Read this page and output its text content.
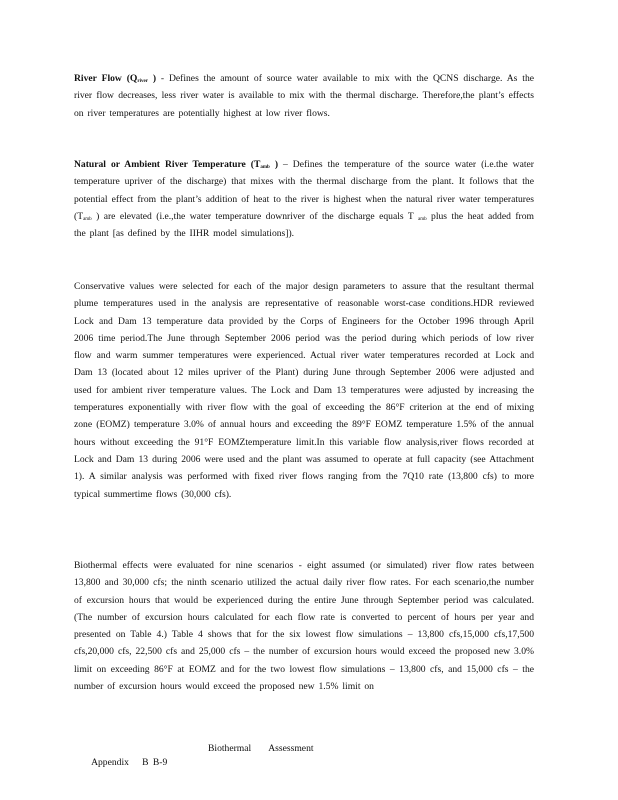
River Flow ($Q_{river}$ ) - Defines the amount of source water available to mix with the QCNS discharge. As the river flow decreases, less river water is available to mix with the thermal discharge. Therefore,the plant’s effects on river temperatures are potentially highest at low river flows.

Natural or Ambient River Temperature ($T_{amb}$ ) – Defines the temperature of the source water (i.e.the water temperature upriver of the discharge) that mixes with the thermal discharge from the plant. It follows that the potential effect from the plant’s addition of heat to the river is highest when the natural river water temperatures ($T_{amb}$ ) are elevated (i.e.,the water temperature downriver of the discharge equals T $_{amb}$ plus the heat added from the plant [as defined by the IIHR model simulations]).

Conservative values were selected for each of the major design parameters to assure that the resultant thermal plume temperatures used in the analysis are representative of reasonable worst-case conditions.HDR reviewed Lock and Dam 13 temperature data provided by the Corps of Engineers for the October 1996 through April 2006 time period.The June through September 2006 period was the period during which periods of low river flow and warm summer temperatures were experienced. Actual river water temperatures recorded at Lock and Dam 13 (located about 12 miles upriver of the Plant) during June through September 2006 were adjusted and used for ambient river temperature values. The Lock and Dam 13 temperatures were adjusted by increasing the temperatures exponentially with river flow with the goal of exceeding the 86°F criterion at the end of mixing zone (EOMZ) temperature 3.0% of annual hours and exceeding the 89°F EOMZ temperature 1.5% of the annual hours without exceeding the 91°F EOMZtemperature limit.In this variable flow analysis,river flows recorded at Lock and Dam 13 during 2006 were used and the plant was assumed to operate at full capacity (see Attachment 1). A similar analysis was performed with fixed river flows ranging from the 7Q10 rate (13,800 cfs) to more typical summertime flows (30,000 cfs).

Biothermal effects were evaluated for nine scenarios - eight assumed (or simulated) river flow rates between 13,800 and 30,000 cfs; the ninth scenario utilized the actual daily river flow rates. For each scenario,the number of excursion hours that would be experienced during the entire June through September period was calculated. (The number of excursion hours calculated for each flow rate is converted to percent of hours per year and presented on Table 4.) Table 4 shows that for the six lowest flow simulations – 13,800 cfs,15,000 cfs,17,500 cfs,20,000 cfs, 22,500 cfs and 25,000 cfs – the number of excursion hours would exceed the proposed new 3.0% limit on exceeding 86°F at EOMZ and for the two lowest flow simulations – 13,800 cfs, and 15,000 cfs – the number of excursion hours would exceed the proposed new 1.5% limit on

Appendix   B B-9

Biothermal    Assessment
